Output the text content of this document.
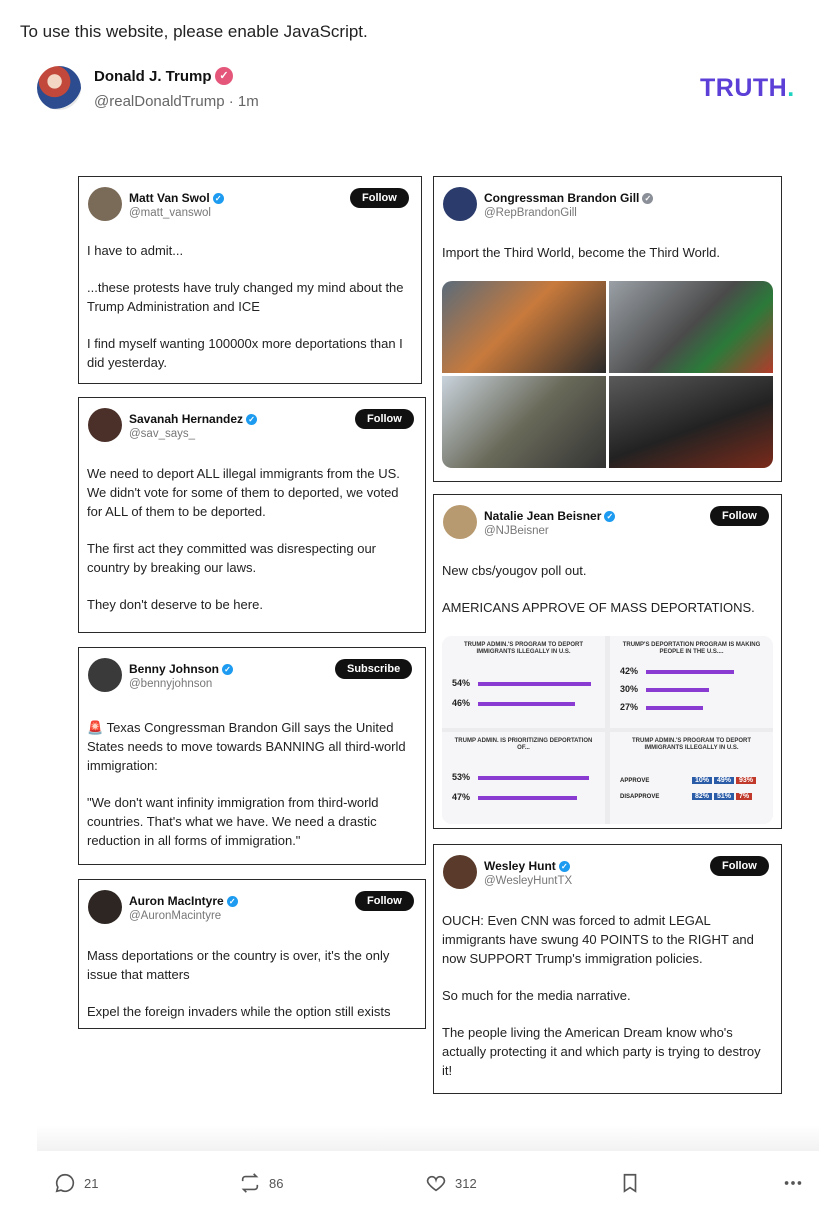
To use this website, please enable JavaScript.
Donald J. Trump ✓
@realDonaldTrump · 1m	TRUTH.
Matt Van Swol ✓
@matt_vanswol
Follow

I have to admit...

...these protests have truly changed my mind about the Trump Administration and ICE

I find myself wanting 100000x more deportations than I did yesterday.

Savanah Hernandez ✓
@sav_says_
Follow

We need to deport ALL illegal immigrants from the US. We didn't vote for some of them to deported, we voted for ALL of them to be deported.

The first act they committed was disrespecting our country by breaking our laws.

They don't deserve to be here.

Benny Johnson ✓
@bennyjohnson
Subscribe

🚨 Texas Congressman Brandon Gill says the United States needs to move towards BANNING all third-world immigration:

"We don't want infinity immigration from third-world countries. That's what we have. We need a drastic reduction in all forms of immigration."

Auron MacIntyre ✓
@AuronMacintyre
Follow

Mass deportations or the country is over, it's the only issue that matters

Expel the foreign invaders while the option still exists

Congressman Brandon Gill ✓
@RepBrandonGill

Import the Third World, become the Third World.

Natalie Jean Beisner ✓
@NJBeisner
Follow

New cbs/yougov poll out.

AMERICANS APPROVE OF MASS DEPORTATIONS.

TRUMP ADMIN.'S PROGRAM TO DEPORT IMMIGRANTS ILLEGALLY IN U.S.
54%
46%
TRUMP'S DEPORTATION PROGRAM IS MAKING PEOPLE IN THE U.S....
42%
30%
27%
TRUMP ADMIN. IS PRIORITIZING DEPORTATION OF...
53%
47%
TRUMP ADMIN.'S PROGRAM TO DEPORT IMMIGRANTS ILLEGALLY IN U.S.
APPROVE	10%	49%	93%
DISAPPROVE	82%	51%	7%
Wesley Hunt ✓
@WesleyHuntTX
Follow

OUCH: Even CNN was forced to admit LEGAL immigrants have swung 40 POINTS to the RIGHT and now SUPPORT Trump's immigration policies.

So much for the media narrative.

The people living the American Dream know who's actually protecting it and which party is trying to destroy it!

21	86	312
